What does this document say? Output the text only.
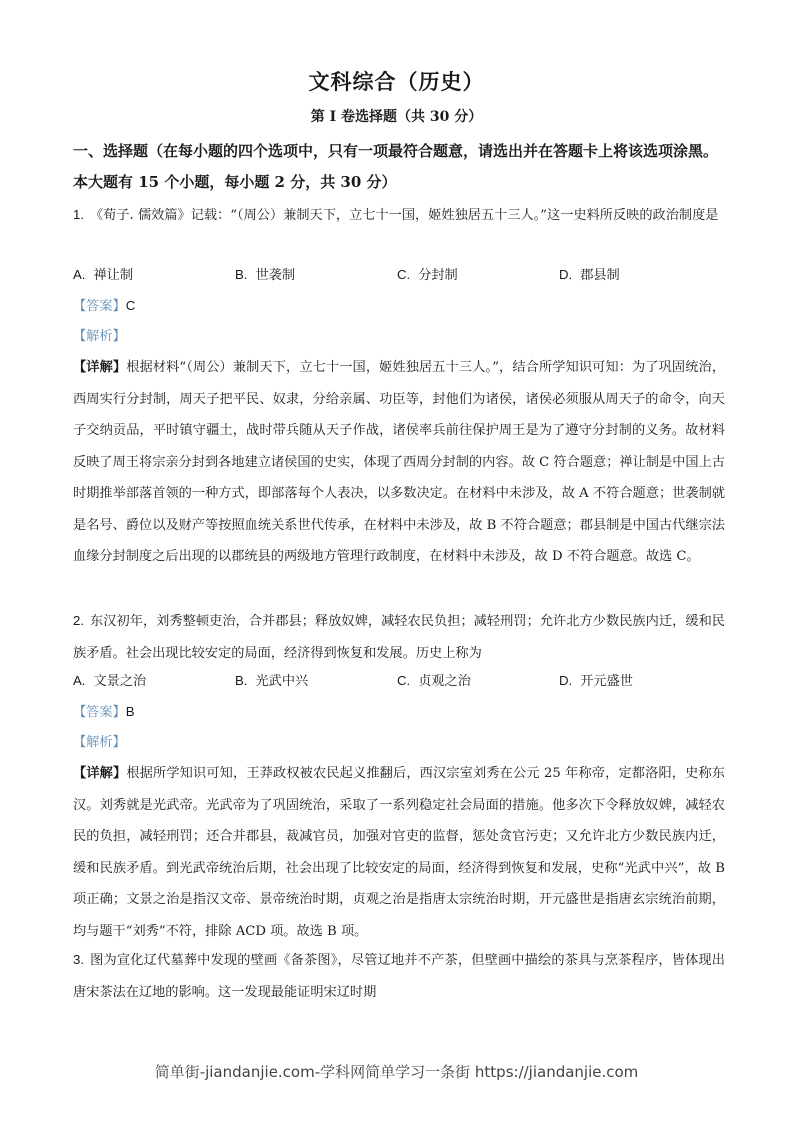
文科综合（历史）
第 I 卷选择题（共 30 分）
一、选择题（在每小题的四个选项中，只有一项最符合题意，请选出并在答题卡上将该选项涂黑。本大题有 15 个小题，每小题 2 分，共 30 分）
1. 《荀子. 儒效篇》记载：“（周公）兼制天下，立七十一国，姬姓独居五十三人。”这一史料所反映的政治制度是
A. 禅让制	B. 世袭制	C. 分封制	D. 郡县制
【答案】C
【解析】
【详解】根据材料“（周公）兼制天下，立七十一国，姬姓独居五十三人。”，结合所学知识可知：为了巩固统治，西周实行分封制，周天子把平民、奴隶，分给亲属、功臣等，封他们为诸侯，诸侯必须服从周天子的命令，向天子交纳贡品，平时镇守疆土，战时带兵随从天子作战，诸侯率兵前往保护周王是为了遵守分封制的义务。故材料反映了周王将宗亲分封到各地建立诸侯国的史实，体现了西周分封制的内容。故 C 符合题意；禅让制是中国上古时期推举部落首领的一种方式，即部落每个人表决，以多数决定。在材料中未涉及，故 A 不符合题意；世袭制就是名号、爵位以及财产等按照血统关系世代传承，在材料中未涉及，故 B 不符合题意；郡县制是中国古代继宗法血缘分封制度之后出现的以郡统县的两级地方管理行政制度，在材料中未涉及，故 D 不符合题意。故选 C。
2. 东汉初年，刘秀整顿吏治，合并郡县；释放奴婢，减轻农民负担；减轻刑罚；允许北方少数民族内迁，缓和民族矛盾。社会出现比较安定的局面，经济得到恢复和发展。历史上称为
A. 文景之治	B. 光武中兴	C. 贞观之治	D. 开元盛世
【答案】B
【解析】
【详解】根据所学知识可知，王莽政权被农民起义推翻后，西汉宗室刘秀在公元 25 年称帝，定都洛阳，史称东汉。刘秀就是光武帝。光武帝为了巩固统治，采取了一系列稳定社会局面的措施。他多次下令释放奴婢，减轻农民的负担，减轻刑罚；还合并郡县，裁减官员，加强对官吏的监督，惩处贪官污吏；又允许北方少数民族内迁，缓和民族矛盾。到光武帝统治后期，社会出现了比较安定的局面，经济得到恢复和发展，史称“光武中兴”，故 B 项正确；文景之治是指汉文帝、景帝统治时期，贞观之治是指唐太宗统治时期，开元盛世是指唐玄宗统治前期，均与题干“刘秀”不符，排除 ACD 项。故选 B 项。
3. 图为宣化辽代墓葬中发现的壁画《备茶图》，尽管辽地并不产茶，但壁画中描绘的茶具与烹茶程序，皆体现出唐宋茶法在辽地的影响。这一发现最能证明宋辽时期
简单街-jiandanjie.com-学科网简单学习一条街 https://jiandanjie.com
